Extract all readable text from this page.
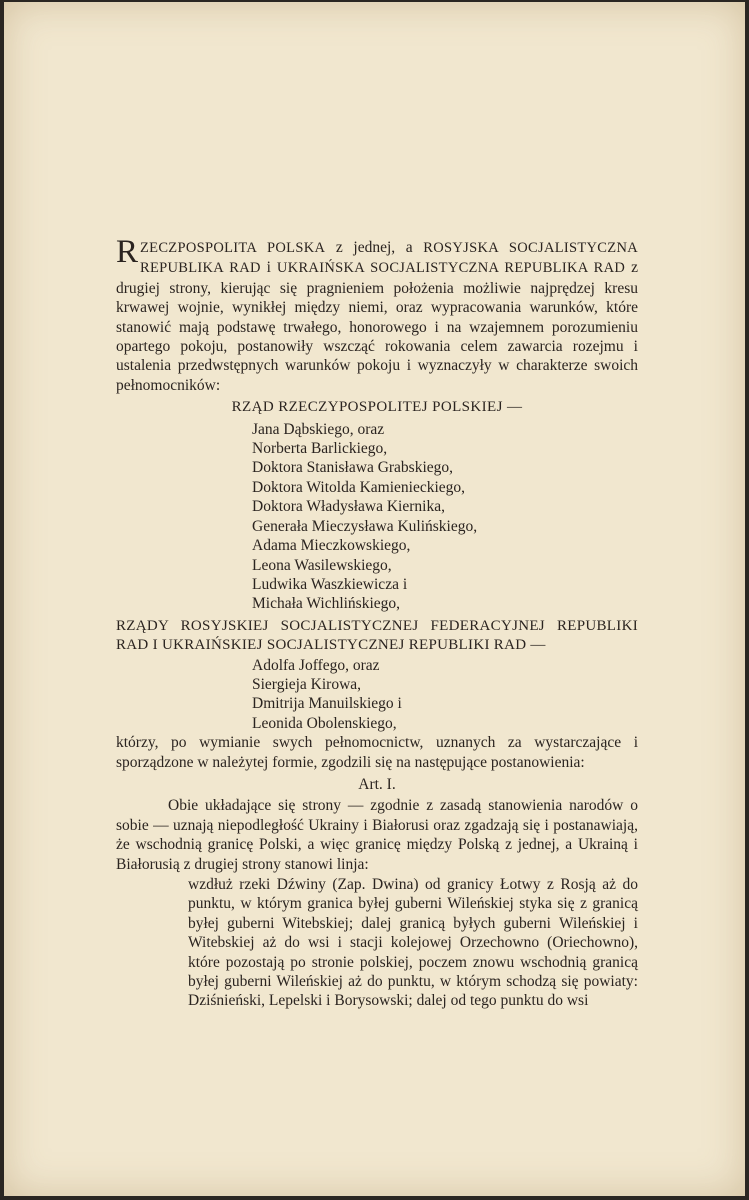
RZECZPOSPOLITA POLSKA z jednej, a ROSYJSKA SOCJALISTYCZNA REPUBLIKA RAD i UKRAIŃSKA SOCJALISTYCZNA REPUBLIKA RAD z drugiej strony, kierując się pragnieniem położenia możliwie najprędzej kresu krwawej wojnie, wynikłej między niemi, oraz wypracowania warunków, które stanowić mają podstawę trwałego, honorowego i na wzajemnem porozumieniu opartego pokoju, postanowiły wszcząć rokowania celem zawarcia rozejmu i ustalenia przedwstępnych warunków pokoju i wyznaczyły w charakterze swoich pełnomocników:

RZĄD RZECZYPOSPOLITEJ POLSKIEJ —
Jana Dąbskiego, oraz
Norberta Barlickiego,
Doktora Stanisława Grabskiego,
Doktora Witolda Kamienieckiego,
Doktora Władysława Kiernika,
Generała Mieczysława Kulińskiego,
Adama Mieczkowskiego,
Leona Wasilewskiego,
Ludwika Waszkiewicza i
Michała Wichlińskiego,
RZĄDY ROSYJSKIEJ SOCJALISTYCZNEJ FEDERACYJNEJ REPUBLIKI RAD I UKRAIŃSKIEJ SOCJALISTYCZNEJ REPUBLIKI RAD —
Adolfa Joffego, oraz
Siergieja Kirowa,
Dmitrija Manuilskiego i
Leonida Obolenskiego,

którzy, po wymianie swych pełnomocnictw, uznanych za wystarczające i sporządzone w należytej formie, zgodzili się na następujące postanowienia:

Art. I.

Obie układające się strony — zgodnie z zasadą stanowienia narodów o sobie — uznają niepodległość Ukrainy i Białorusi oraz zgadzają się i postanawiają, że wschodnią granicę Polski, a więc granicę między Polską z jednej, a Ukrainą i Białorusią z drugiej strony stanowi linja:

wzdłuż rzeki Dźwiny (Zap. Dwina) od granicy Łotwy z Rosją aż do punktu, w którym granica byłej guberni Wileńskiej styka się z granicą byłej guberni Witebskiej; dalej granicą byłych gubernі Wileńskiej i Witebskiej aż do wsi i stacji kolejowej Orzechowno (Oriechowno), które pozostają po stronie polskiej, poczem znowu wschodnią granicą byłej guberni Wileńskiej aż do punktu, w którym schodzą się powiaty: Dziśnieński, Lepelski i Borysowski; dalej od tego punktu do wsi
